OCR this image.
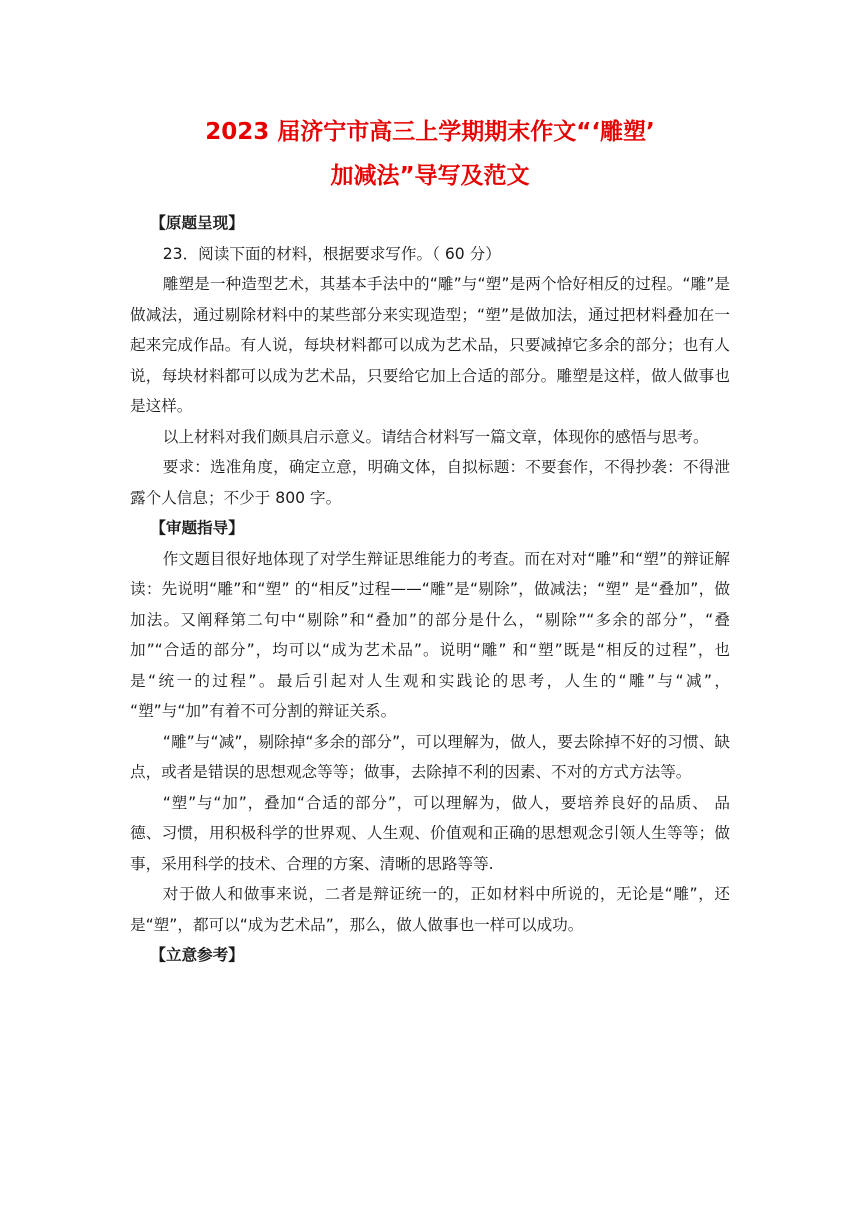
2023 届济宁市高三上学期期末作文“‘雕塑’
加减法”导写及范文

【原题呈现】

23．阅读下面的材料，根据要求写作。（ 60 分）

雕塑是一种造型艺术，其基本手法中的“雕”与“塑”是两个恰好相反的过程。“雕”是做减法，通过剔除材料中的某些部分来实现造型；“塑”是做加法，通过把材料叠加在一起来完成作品。有人说，每块材料都可以成为艺术品，只要减掉它多余的部分；也有人说，每块材料都可以成为艺术品，只要给它加上合适的部分。雕塑是这样，做人做事也是这样。

以上材料对我们颇具启示意义。请结合材料写一篇文章，体现你的感悟与思考。

要求：选准角度，确定立意，明确文体，自拟标题：不要套作，不得抄袭：不得泄露个人信息；不少于 800 字。

【审题指导】

作文题目很好地体现了对学生辩证思维能力的考查。而在对对“雕”和“塑”的辩证解读：先说明“雕”和“塑” 的“相反”过程——“雕”是“剔除”，做减法；“塑” 是“叠加”，做加法。又阐释第二句中“剔除”和“叠加”的部分是什么，“剔除”“多余的部分”，“叠加”“合适的部分”，均可以“成为艺术品”。说明“雕” 和“塑”既是“相反的过程”，也是“统一的过程”。最后引起对人生观和实践论的思考，人生的“雕”与“减”， “塑”与“加”有着不可分割的辩证关系。

“雕”与“减”，剔除掉“多余的部分”，可以理解为，做人，要去除掉不好的习惯、缺点，或者是错误的思想观念等等；做事，去除掉不利的因素、不对的方式方法等。

“塑”与“加”，叠加“合适的部分”，可以理解为，做人，要培养良好的品质、 品德、习惯，用积极科学的世界观、人生观、价值观和正确的思想观念引领人生等等；做事，采用科学的技术、合理的方案、清晰的思路等等.

对于做人和做事来说，二者是辩证统一的，正如材料中所说的，无论是“雕”，还 是“塑”，都可以“成为艺术品”，那么，做人做事也一样可以成功。

【立意参考】
